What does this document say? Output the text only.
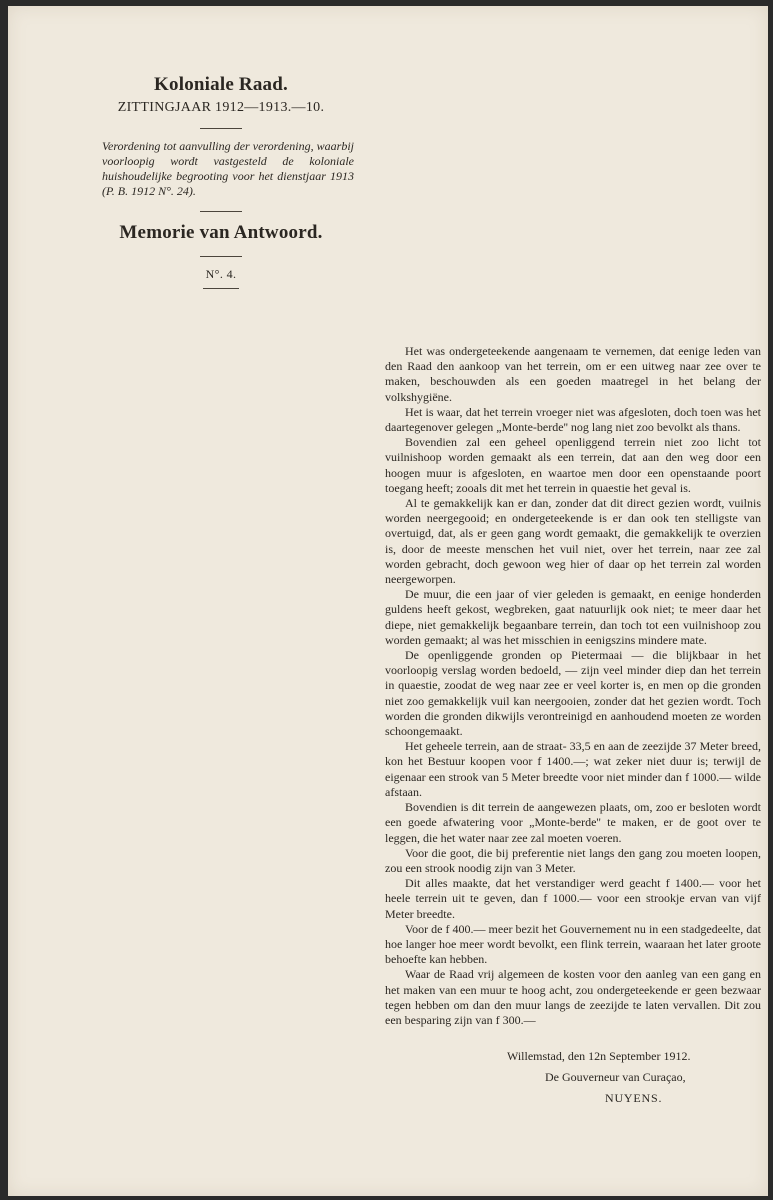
Koloniale Raad.

ZITTINGJAAR 1912—1913.—10.

Verordening tot aanvulling der verordening, waarbij voorloopig wordt vastgesteld de koloniale huishoudelijke begrooting voor het dienstjaar 1913 (P. B. 1912 N°. 24).

Memorie van Antwoord.

N°. 4.

Het was ondergeteekende aangenaam te vernemen, dat eenige leden van den Raad den aankoop van het terrein, om er een uitweg naar zee over te maken, beschouwden als een goeden maatregel in het belang der volkshygiëne.

Het is waar, dat het terrein vroeger niet was afgesloten, doch toen was het daartegenover gelegen „Monte-berde'' nog lang niet zoo bevolkt als thans.

Bovendien zal een geheel openliggend terrein niet zoo licht tot vuilnishoop worden gemaakt als een terrein, dat aan den weg door een hoogen muur is afgesloten, en waartoe men door een openstaande poort toegang heeft; zooals dit met het terrein in quaestie het geval is.

Al te gemakkelijk kan er dan, zonder dat dit direct gezien wordt, vuilnis worden neergegooid; en ondergeteekende is er dan ook ten stelligste van overtuigd, dat, als er geen gang wordt gemaakt, die gemakkelijk te overzien is, door de meeste menschen het vuil niet, over het terrein, naar zee zal worden gebracht, doch gewoon weg hier of daar op het terrein zal worden neergeworpen.

De muur, die een jaar of vier geleden is gemaakt, en eenige honderden guldens heeft gekost, wegbreken, gaat natuurlijk ook niet; te meer daar het diepe, niet gemakkelijk begaanbare terrein, dan toch tot een vuilnishoop zou worden gemaakt; al was het misschien in eenigszins mindere mate.

De openliggende gronden op Pietermaai — die blijkbaar in het voorloopig verslag worden bedoeld, — zijn veel minder diep dan het terrein in quaestie, zoodat de weg naar zee er veel korter is, en men op die gronden niet zoo gemakkelijk vuil kan neergooien, zonder dat het gezien wordt. Toch worden die gronden dikwijls verontreinigd en aanhoudend moeten ze worden schoongemaakt.

Het geheele terrein, aan de straat- 33,5 en aan de zeezijde 37 Meter breed, kon het Bestuur koopen voor f 1400.—; wat zeker niet duur is; terwijl de eigenaar een strook van 5 Meter breedte voor niet minder dan f 1000.— wilde afstaan.

Bovendien is dit terrein de aangewezen plaats, om, zoo er besloten wordt een goede afwatering voor „Monte-berde'' te maken, er de goot over te leggen, die het water naar zee zal moeten voeren.

Voor die goot, die bij preferentie niet langs den gang zou moeten loopen, zou een strook noodig zijn van 3 Meter.

Dit alles maakte, dat het verstandiger werd geacht f 1400.— voor het heele terrein uit te geven, dan f 1000.— voor een strookje ervan van vijf Meter breedte.

Voor de f 400.— meer bezit het Gouvernement nu in een stadgedeelte, dat hoe langer hoe meer wordt bevolkt, een flink terrein, waaraan het later groote behoefte kan hebben.

Waar de Raad vrij algemeen de kosten voor den aanleg van een gang en het maken van een muur te hoog acht, zou ondergeteekende er geen bezwaar tegen hebben om dan den muur langs de zeezijde te laten vervallen. Dit zou een besparing zijn van f 300.—

Willemstad, den 12n September 1912.
De Gouverneur van Curaçao,
NUYENS.
